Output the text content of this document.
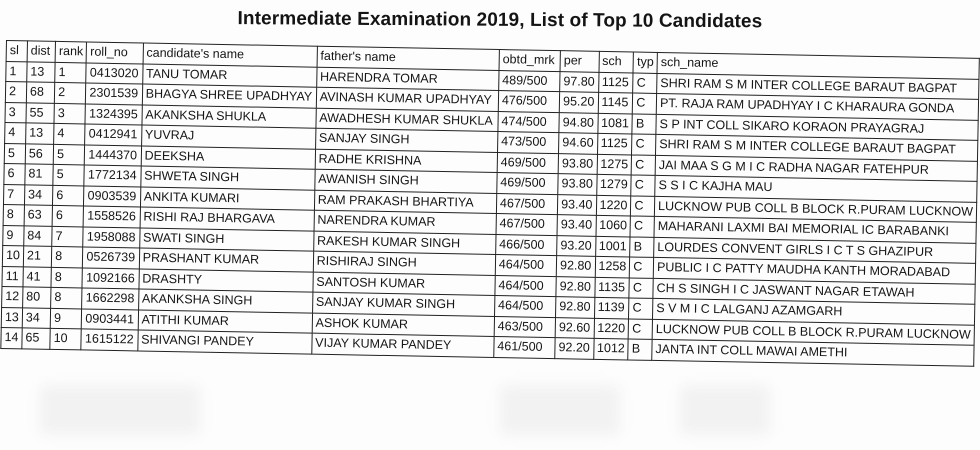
Intermediate Examination 2019, List of Top 10 Candidates
sl	dist	rank	roll_no	candidate's name	father's name	obtd_mrk	per	sch	typ	sch_name
1	13	1	0413020	TANU TOMAR	HARENDRA TOMAR	489/500	97.80	1125	C	SHRI RAM S M INTER COLLEGE BARAUT BAGPAT
2	68	2	2301539	BHAGYA SHREE UPADHYAY	AVINASH KUMAR UPADHYAY	476/500	95.20	1145	C	PT. RAJA RAM UPADHYAY I C KHARAURA GONDA
3	55	3	1324395	AKANKSHA SHUKLA	AWADHESH KUMAR SHUKLA	474/500	94.80	1081	B	S P INT COLL SIKARO KORAON PRAYAGRAJ
4	13	4	0412941	YUVRAJ	SANJAY SINGH	473/500	94.60	1125	C	SHRI RAM S M INTER COLLEGE BARAUT BAGPAT
5	56	5	1444370	DEEKSHA	RADHE KRISHNA	469/500	93.80	1275	C	JAI MAA S G M I C RADHA NAGAR FATEHPUR
6	81	5	1772134	SHWETA SINGH	AWANISH SINGH	469/500	93.80	1279	C	S S I C KAJHA MAU
7	34	6	0903539	ANKITA KUMARI	RAM PRAKASH BHARTIYA	467/500	93.40	1220	C	LUCKNOW PUB COLL B BLOCK R.PURAM LUCKNOW
8	63	6	1558526	RISHI RAJ BHARGAVA	NARENDRA KUMAR	467/500	93.40	1060	C	MAHARANI LAXMI BAI MEMORIAL IC BARABANKI
9	84	7	1958088	SWATI SINGH	RAKESH KUMAR SINGH	466/500	93.20	1001	B	LOURDES CONVENT GIRLS I C T S GHAZIPUR
10	21	8	0526739	PRASHANT KUMAR	RISHIRAJ SINGH	464/500	92.80	1258	C	PUBLIC I C PATTY MAUDHA KANTH MORADABAD
11	41	8	1092166	DRASHTY	SANTOSH KUMAR	464/500	92.80	1135	C	CH S SINGH I C JASWANT NAGAR ETAWAH
12	80	8	1662298	AKANKSHA SINGH	SANJAY KUMAR SINGH	464/500	92.80	1139	C	S V M I C LALGANJ AZAMGARH
13	34	9	0903441	ATITHI KUMAR	ASHOK KUMAR	463/500	92.60	1220	C	LUCKNOW PUB COLL B BLOCK R.PURAM LUCKNOW
14	65	10	1615122	SHIVANGI PANDEY	VIJAY KUMAR PANDEY	461/500	92.20	1012	B	JANTA INT COLL MAWAI AMETHI
